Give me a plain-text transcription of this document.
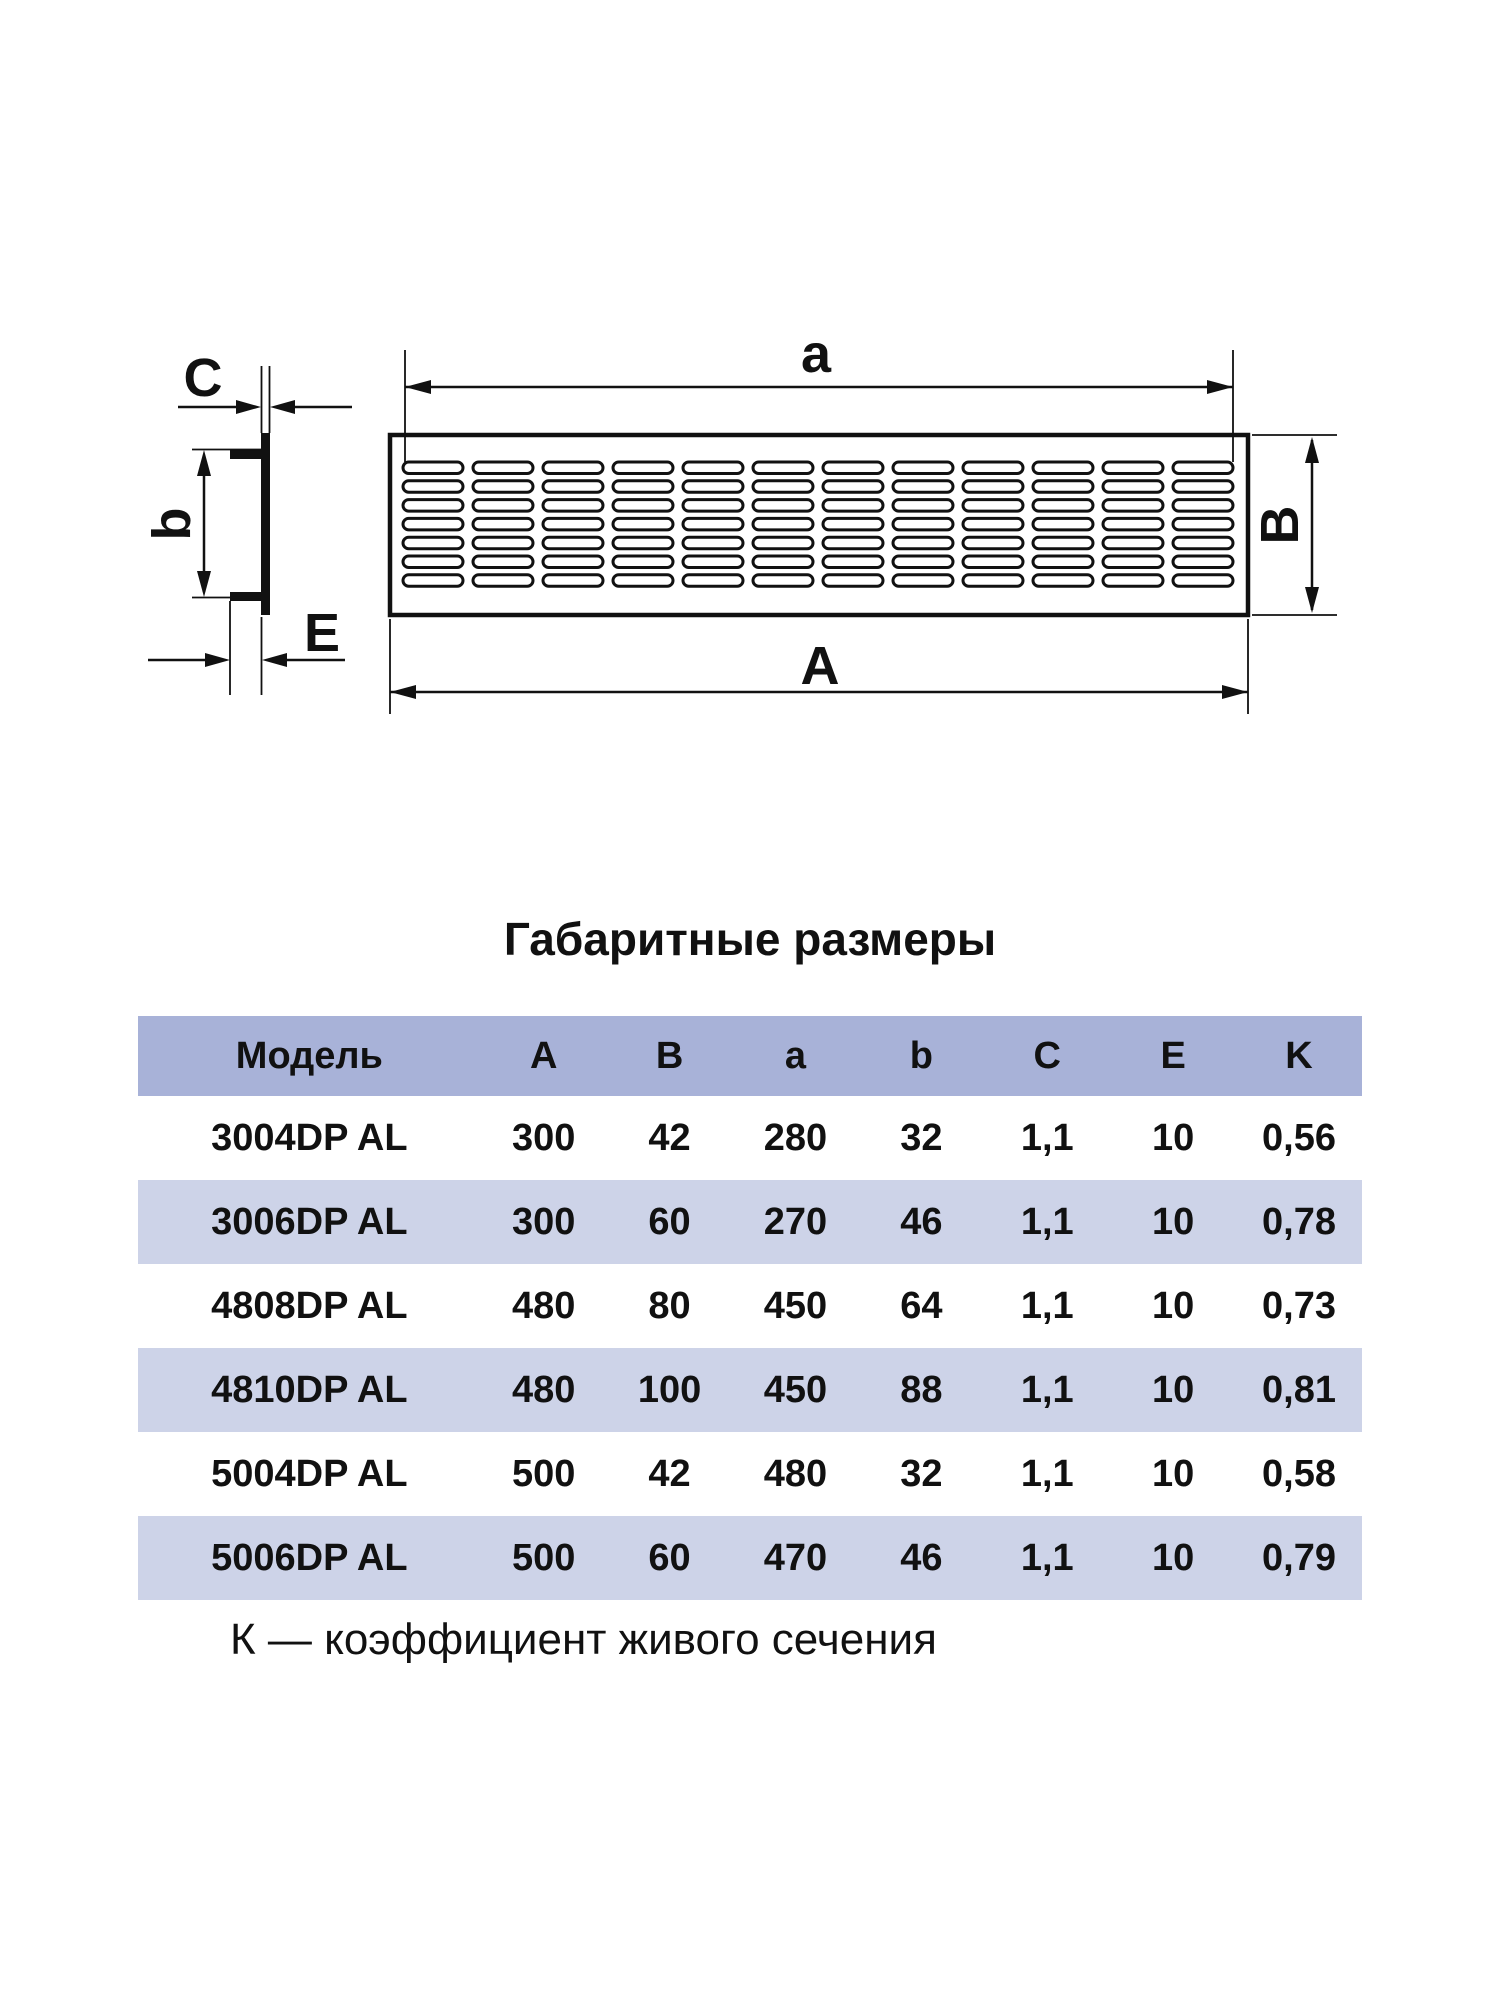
C
b
E
a
A
B
Габаритные размеры
Модель	A	B	a	b	C	E	K
3004DP AL	300	42	280	32	1,1	10	0,56
3006DP AL	300	60	270	46	1,1	10	0,78
4808DP AL	480	80	450	64	1,1	10	0,73
4810DP AL	480	100	450	88	1,1	10	0,81
5004DP AL	500	42	480	32	1,1	10	0,58
5006DP AL	500	60	470	46	1,1	10	0,79
К — коэффициент живого сечения
